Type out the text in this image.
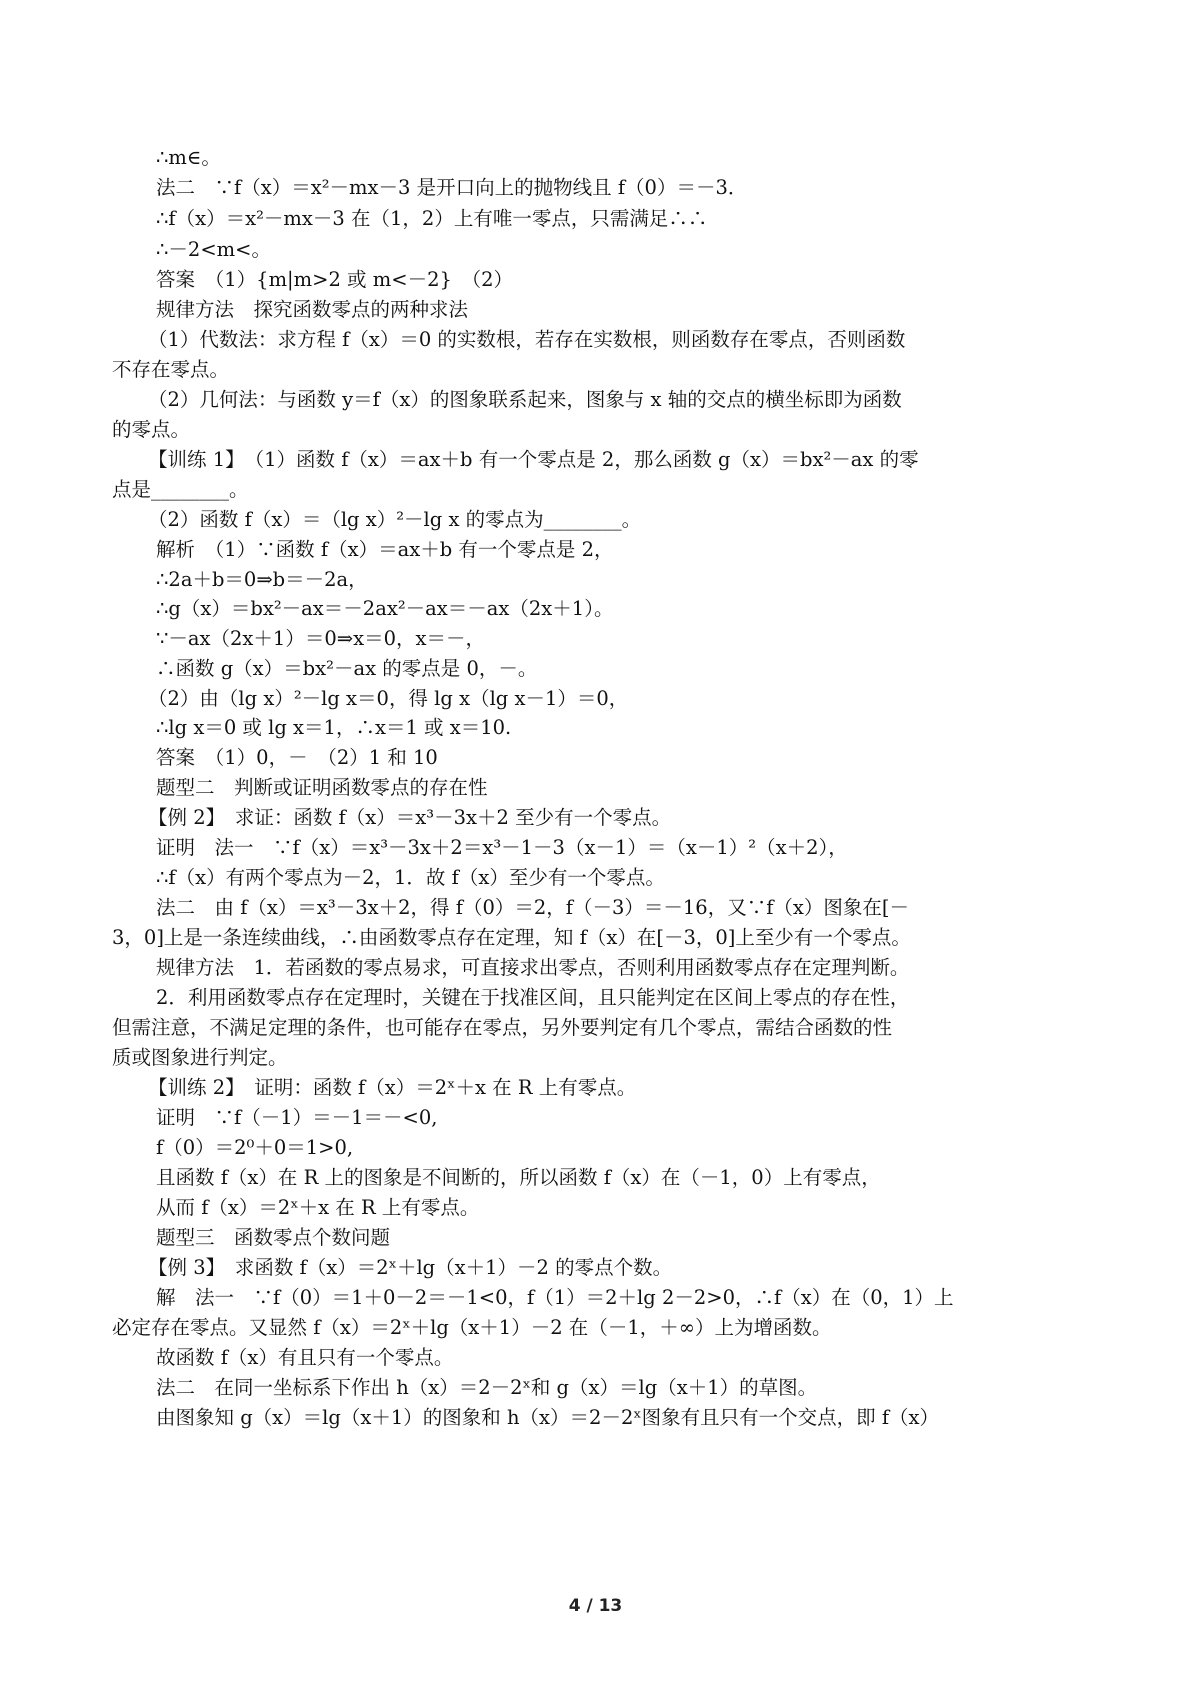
∴m∈。
法二　∵f（x）＝x²－mx－3 是开口向上的抛物线且 f（0）＝－3．
∴f（x）＝x²－mx－3 在（1，2）上有唯一零点，只需满足∴∴
∴－2<m<。
答案　（1）{m|m>2 或 m<－2}　（2）
规律方法　探究函数零点的两种求法
（1）代数法：求方程 f（x）＝0 的实数根，若存在实数根，则函数存在零点，否则函数
不存在零点。
（2）几何法：与函数 y＝f（x）的图象联系起来，图象与 x 轴的交点的横坐标即为函数
的零点。
【训练 1】　（1）函数 f（x）＝ax＋b 有一个零点是 2，那么函数 g（x）＝bx²－ax 的零
点是________。
（2）函数 f（x）＝（lg x）²－lg x 的零点为________。
解析　（1）∵函数 f（x）＝ax＋b 有一个零点是 2，
∴2a＋b＝0⇒b＝－2a，
∴g（x）＝bx²－ax＝－2ax²－ax＝－ax（2x＋1）。
∵－ax（2x＋1）＝0⇒x＝0，x＝－，
∴函数 g（x）＝bx²－ax 的零点是 0，－。
（2）由（lg x）²－lg x＝0，得 lg x（lg x－1）＝0，
∴lg x＝0 或 lg x＝1，∴x＝1 或 x＝10.
答案　（1）0，－　（2）1 和 10
题型二　判断或证明函数零点的存在性
【例 2】　求证：函数 f（x）＝x³－3x＋2 至少有一个零点。
证明　法一　∵f（x）＝x³－3x＋2＝x³－1－3（x－1）＝（x－1）²（x＋2），
∴f（x）有两个零点为－2，1．故 f（x）至少有一个零点。
法二　由 f（x）＝x³－3x＋2，得 f（0）＝2，f（－3）＝－16，又∵f（x）图象在[－
3，0]上是一条连续曲线，∴由函数零点存在定理，知 f（x）在[－3，0]上至少有一个零点。
规律方法　1．若函数的零点易求，可直接求出零点，否则利用函数零点存在定理判断。
2．利用函数零点存在定理时，关键在于找准区间，且只能判定在区间上零点的存在性，
但需注意，不满足定理的条件，也可能存在零点，另外要判定有几个零点，需结合函数的性
质或图象进行判定。
【训练 2】　证明：函数 f（x）＝2ˣ＋x 在 R 上有零点。
证明　∵f（－1）＝－1＝－<0,
f（0）＝2⁰＋0＝1>0,
且函数 f（x）在 R 上的图象是不间断的，所以函数 f（x）在（－1，0）上有零点，
从而 f（x）＝2ˣ＋x 在 R 上有零点。
题型三　函数零点个数问题
【例 3】　求函数 f（x）＝2ˣ＋lg（x＋1）－2 的零点个数。
解　法一　∵f（0）＝1＋0－2＝－1<0，f（1）＝2＋lg 2－2>0，∴f（x）在（0，1）上
必定存在零点。又显然 f（x）＝2ˣ＋lg（x＋1）－2 在（－1，＋∞）上为增函数。
故函数 f（x）有且只有一个零点。
法二　在同一坐标系下作出 h（x）＝2－2ˣ和 g（x）＝lg（x＋1）的草图。
由图象知 g（x）＝lg（x＋1）的图象和 h（x）＝2－2ˣ图象有且只有一个交点，即 f（x）
4 / 13
